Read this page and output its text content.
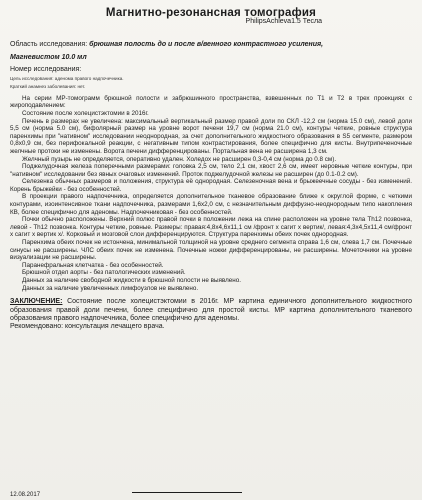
Магнитно-резонансная томография
PhilipsAchieva1.5 Тесла
Область исследования: брюшная полость до и после в/венного контрастного усиления,
Магневистом 10.0 мл
Номер исследования:
Цель исследования: аденома правого надпочечника.
Краткий анамнез заболевания: нет.

На серии МР-томограмм брюшной полости и забрюшинного пространства, взвешенных по Т1 и Т2 в трех проекциях с жироподавлением:

Состояние после холецистэктомии в 2016г.

Печень в размерах не увеличена: максимальный вертикальный размер правой доли по СКЛ -12,2 см (норма 15.0 см), левой доли 5,5 см (норма 5.0 см), бифолярный размер на уровне ворот печени 19,7 см (норма 21.0 см), контуры четкие, ровные структура паренхимы при "нативном" исследовании неоднородная, за счет дополнительного жидкостного образования в S5 сегменте, размером 0,8х0,9 см, без перифокальной реакции, с негативным типом контрастирования, более специфично для кисты. Внутрипеченочные желчные протоки не изменены. Ворота печени дифференцированы. Портальная вена не расширена 1,3 см.

Желчный пузырь не определяется, оперативно удален. Холедох не расширен 0,3-0,4 см (норма до 0.8 см).

Поджелудочная железа поперечными размерами: головка 2,5 см, тело 2,1 см, хвост 2,6 см, имеет неровные четкие контуры, при "нативном" исследовании без явных очаговых изменений. Проток поджелудочной железы не расширен (до 0.1-0.2 см).

Селезенка обычных размеров и положения, структура её однородная. Селезеночная вена и брыжеечные сосуды - без изменений. Корень брыжейки - без особенностей.

В проекции правого надпочечника, определяется дополнительное тканевое образование ближе к округлой форме, с четкими контурами, изоинтенсивное ткани надпочечника, размерами 1,6х2,0 см, с незначительным диффузно-неоднородным типо накопления КВ, более специфично для аденомы. Надпочечниковая - без особенностей.

Почки обычно расположены. Верхний полюс правой почки в положении лежа на спине расположен на уровне тела Th12 позвонка, левой - Th12 позвонка. Контуры четкие, ровные. Размеры: правая:4,8х4,6х11,1 см /фронт х сагит х вертик/, левая:4,3х4,5х11,4 см/фронт х сагит х вертик х/. Корковый и мозговой слои дифференцируются. Структура паренхимы обеих почек однородная.

Паренхима обеих почек не истончена, минимальной толщиной на уровне среднего сегмента справа 1,6 см, слева 1,7 см. Почечные синусы не расширены. ЧЛС обеих почек не изменена. Почечные ножки дифференцированы, не расширены. Мочеточники на уровне визуализации не расширены.

Паранефральная клетчатка - без особенностей.

Брюшной отдел аорты - без патологических изменений.

Данных за наличие свободной жидкости в брюшной полости не выявлено.

Данных за наличие увеличенных лимфоузлов не выявлено.

ЗАКЛЮЧЕНИЕ: Состояние после холецистэктомии в 2016г. МР картина единичного дополнительного жидкостного образования правой доли печени, более специфично для простой кисты. МР картина дополнительного тканевого образования правого надпочечника, более специфично для аденомы.
Рекомендовано: консультация лечащего врача.
12.08.2017
